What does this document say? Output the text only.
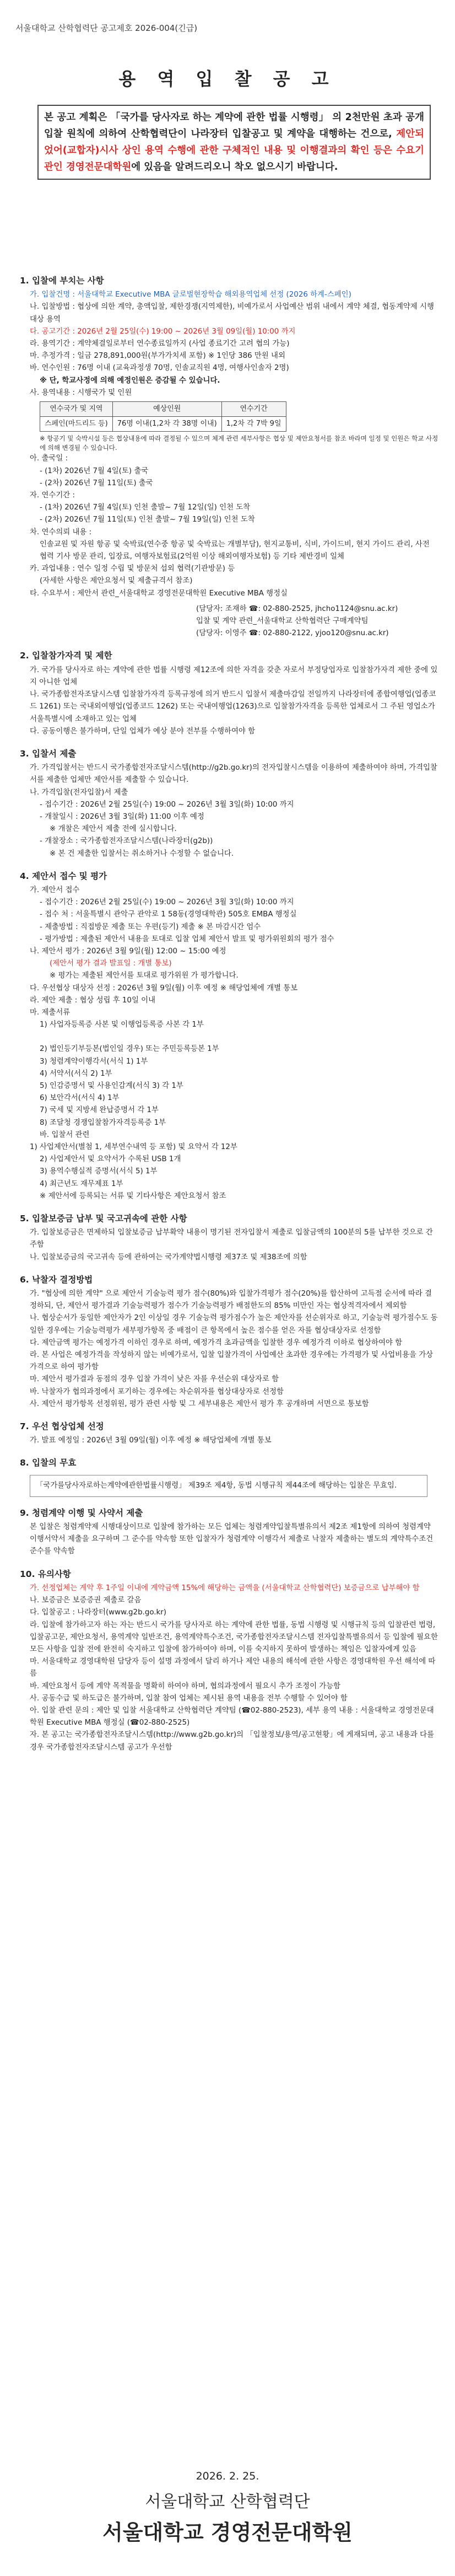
서울대학교 산학협력단 공고제호 2026-004(긴급)
용 역 입 찰 공 고
본 공고 계획은 「국가를 당사자로 하는 계약에 관한 법률 시행령」 의 2천만원 초과 공개입찰 원칙에 의하여 산학협력단이 나라장터 입찰공고 및 계약을 대행하는 건으로, 제안되었어(교합자)시사 상인 용역 수행에 관한 구체적인 내용 및 이행결과의 확인 등은 수요기관인 경영전문대학원에 있음을 알려드리오니 착오 없으시기 바랍니다.
1. 입찰에 부치는 사항

가. 입찰건명 : 서울대학교 Executive MBA 글로벌현장학습 해외용역업체 선정 (2026 하계-스페인)

나. 입찰방법 : 협상에 의한 계약, 총액입찰, 제한경쟁(지역제한), 비예가로서 사업예산 범위 내에서 계약 체결, 협동계약제 시행대상 용역

다. 공고기간 : 2026년 2월 25일(수) 19:00 ~ 2026년 3월 09일(월) 10:00 까지

라. 용역기간 : 계약체결일로부터 연수종료일까지 (사업 종료기간 고려 협의 가능)

마. 추정가격 : 일금 278,891,000원(부가가치세 포함) ※ 1인당 386 만원 내외

바. 연수인원 : 76명 이내 (교육과정생 70명, 인솔교직원 4명, 여행사인솔자 2명)

※ 단, 학교사정에 의해 예정인원은 증감될 수 있습니다.

사. 용역내용 : 시행국가 및 인원

연수국가 및 지역	예상인원	연수기간
스페인(마드리드 등)	76명 이내(1,2차 각 38명 이내)	1,2차 각 7박 9일

※ 항공기 및 숙박시설 등은 협상내용에 따라 결정될 수 있으며 체계 관련 세부사항은 협상 및 제안요청서를 참조 바라며 일정 및 인원은 학교 사정에 의해 변경될 수 있습니다.

아. 출국일 :

- (1차) 2026년 7월 4일(토) 출국

- (2차) 2026년 7월 11일(토) 출국

자. 연수기간 :

- (1차) 2026년 7월 4일(토) 인천 출발~ 7월 12일(일) 인천 도착

- (2차) 2026년 7월 11일(토) 인천 출발~ 7월 19일(일) 인천 도착

차. 연수의뢰 내용 :

인솔교원 및 자원 항공 및 숙박료(연수중 항공 및 숙박료는 개별부담), 현지교통비, 식비, 가이드비, 현지 가이드 관리, 사전 협력 기사 방문 관리, 입장료, 여행자보험료(2억원 이상 해외여행자보험) 등 기타 제반경비 일체

카. 과업내용 : 연수 일정 수립 및 방문처 섭외 협력(기관방문) 등

(자세한 사항은 제안요청서 및 제출규격서 참조)

타. 수요부서 : 제안서 관련_서울대학교 경영전문대학원 Executive MBA 행정실

(담당자: 조재하 ☎: 02-880-2525, jhcho1124@snu.ac.kr)

입찰 및 계약 관련_서울대학교 산학협력단 구매계약팀

(담당자: 이영주 ☎: 02-880-2122, yjoo120@snu.ac.kr)

2. 입찰참가자격 및 제한

가. 국가를 당사자로 하는 계약에 관한 법률 시행령 제12조에 의한 자격을 갖춘 자로서 부정당업자로 입찰참가자격 제한 중에 있지 아니한 업체

나. 국가종합전자조달시스템 입찰참가자격 등록규정에 의거 반드시 입찰서 제출마감일 전일까지 나라장터에 종합여행업(업종코드 1261) 또는 국내외여행업(업종코드 1262) 또는 국내여행업(1263)으로 입찰참가자격을 등록한 업체로서 그 주된 영업소가 서울특별시에 소재하고 있는 업체

다. 공동이행은 불가하며, 단일 업체가 예상 분야 전부를 수행하여야 함

3. 입찰서 제출

가. 가격입찰서는 반드시 국가종합전자조달시스템(http://g2b.go.kr)의 전자입찰시스템을 이용하여 제출하여야 하며, 가격입찰서를 제출한 업체만 제안서를 제출할 수 있습니다.

나. 가격입찰(전자입찰)서 제출

- 접수기간 : 2026년 2월 25일(수) 19:00 ~ 2026년 3월 3일(화) 10:00 까지

- 개찰일시 : 2026년 3월 3일(화) 11:00 이후 예정

※ 개찰은 제안서 제출 전에 실시합니다.

- 개찰장소 : 국가종합전자조달시스템(나라장터(g2b))

※ 본 건 제출한 입찰서는 취소하거나 수정할 수 없습니다.

4. 제안서 접수 및 평가

가. 제안서 접수

- 접수기간 : 2026년 2월 25일(수) 19:00 ~ 2026년 3월 3일(화) 10:00 까지

- 접수 처 : 서울특별시 관악구 관악로 1 58동(경영대학관) 505호 EMBA 행정실

- 제출방법 : 직접방문 제출 또는 우편(등기) 제출 ※ 본 마감시간 엄수

- 평가방법 : 제출된 제안서 내용을 토대로 입찰 업체 제안서 발표 및 평가위원회의 평가 점수

나. 제안서 평가 : 2026년 3월 9일(월) 12:00 ~ 15:00 예정

(제안서 평가 결과 발표일 : 개별 통보)

※ 평가는 제출된 제안서를 토대로 평가위원 가 평가합니다.

다. 우선협상 대상자 선정 : 2026년 3월 9일(월) 이후 예정 ※ 해당업체에 개별 통보

라. 제안 제출 : 협상 성립 후 10일 이내

마. 제출서류

1) 사업자등록증 사본 및 이행업등록증 사본 각 1부

2) 법인등기부등본(법인일 경우) 또는 주민등록등본 1부

3) 청렴계약이행각서(서식 1) 1부

4) 서약서(서식 2) 1부

5) 인감증명서 및 사용인감계(서식 3) 각 1부

6) 보안각서(서식 4) 1부

7) 국세 및 지방세 완납증명서 각 1부

8) 조달청 경쟁입찰참가자격등록증 1부

바. 입찰서 관련

1) 사업제안서(별첨 1, 세부연수내역 등 포함) 및 요약서 각 12부

2) 사업제안서 및 요약서가 수록된 USB 1개

3) 용역수행실적 증명서(서식 5) 1부

4) 최근년도 재무제표 1부

※ 제안서에 등록되는 서류 및 기타사항은 제안요청서 참조

5. 입찰보증금 납부 및 국고귀속에 관한 사항

가. 입찰보증금은 면제하되 입찰보증금 납부확약 내용이 명기된 전자입찰서 제출로 입찰금액의 100분의 5를 납부한 것으로 간주함

나. 입찰보증금의 국고귀속 등에 관하여는 국가계약법시행령 제37조 및 제38조에 의함

6. 낙찰자 결정방법

가. "협상에 의한 계약" 으로 제안서 기술능력 평가 점수(80%)와 입찰가격평가 점수(20%)를 합산하여 고득점 순서에 따라 결정하되, 단, 제안서 평가결과 기술능력평가 점수가 기술능력평가 배점한도의 85% 미만인 자는 협상적격자에서 제외함

나. 협상순서가 동일한 제안자가 2인 이상일 경우 기술능력 평가점수가 높은 제안자를 선순위자로 하고, 기술능력 평가점수도 동일한 경우에는 기술능력평가 세부평가항목 중 배점이 큰 항목에서 높은 점수를 얻은 자를 협상대상자로 선정함

다. 제안금액 평가는 예정가격 이하인 경우로 하며, 예정가격 초과금액을 입찰한 경우 예정가격 이하로 협상하여야 함

라. 본 사업은 예정가격을 작성하지 않는 비예가로서, 입찰 입찰가격이 사업예산 초과한 경우에는 가격평가 및 사업비용을 가상가격으로 하여 평가함

마. 제안서 평가결과 동점의 경우 입찰 가격이 낮은 자를 우선순위 대상자로 함

바. 낙찰자가 협의과정에서 포기하는 경우에는 차순위자를 협상대상자로 선정함

사. 제안서 평가항목 선정위원, 평가 관련 사항 및 그 세부내용은 제안서 평가 후 공개하며 서면으로 통보함

7. 우선 협상업체 선정

가. 발표 예정일 : 2026년 3월 09일(월) 이후 예정 ※ 해당업체에 개별 통보

8. 입찰의 무효
「국가를당사자로하는계약에관한법률시행령」 제39조 제4항, 동법 시행규칙 제44조에 해당하는 입찰은 무효임.
9. 청렴계약 이행 및 사약서 제출

본 입찰은 청렴계약제 시행대상이므로 입찰에 참가하는 모든 업체는 청렴계약입찰특별유의서 제2조 제1항에 의하여 청렴계약 이행서약서 제출을 요구하며 그 준수를 약속함 또한 입찰자가 청렴계약 이행각서 제출로 낙찰자 제출하는 별도의 계약특수조건 준수를 약속함

10. 유의사항

가. 선정업체는 계약 후 1주일 이내에 계약금액 15%에 해당하는 금액을 (서울대학교 산학협력단) 보증금으로 납부해야 함

나. 보증금은 보증증권 제출로 갈음

다. 입찰공고 : 나라장터(www.g2b.go.kr)

라. 입찰에 참가하고자 하는 자는 반드시 국가를 당사자로 하는 계약에 관한 법률, 동법 시행령 및 시행규칙 등의 입찰관련 법령, 입찰공고문, 제안요청서, 용역계약 일반조건, 용역계약특수조건, 국가종합전자조달시스템 전자입찰특별유의서 등 입찰에 필요한 모든 사항을 입찰 전에 완전히 숙지하고 입찰에 참가하여야 하며, 이를 숙지하지 못하여 발생하는 책임은 입찰자에게 있음

마. 서울대학교 경영대학원 담당자 등이 설명 과정에서 달리 하거나 제안 내용의 해석에 관한 사항은 경영대학원 우선 해석에 따름

바. 제안요청서 등에 계약 목적물을 명확히 하여야 하며, 협의과정에서 필요시 추가 조정이 가능함

사. 공동수급 및 하도급은 불가하며, 입찰 참여 업체는 제시된 용역 내용을 전부 수행할 수 있어야 함

아. 입찰 관련 문의 : 제안 및 입찰 서울대학교 산학협력단 계약팀 (☎02-880-2523), 세부 용역 내용 : 서울대학교 경영전문대학원 Executive MBA 행정실 (☎02-880-2525)

자. 본 공고는 국가종합전자조달시스템(http://www.g2b.go.kr)의 「입찰정보/용역/공고현황」에 게재되며, 공고 내용과 다를 경우 국가종합전자조달시스템 공고가 우선함

2026. 2. 25.
서울대학교 산학협력단
서울대학교 경영전문대학원
